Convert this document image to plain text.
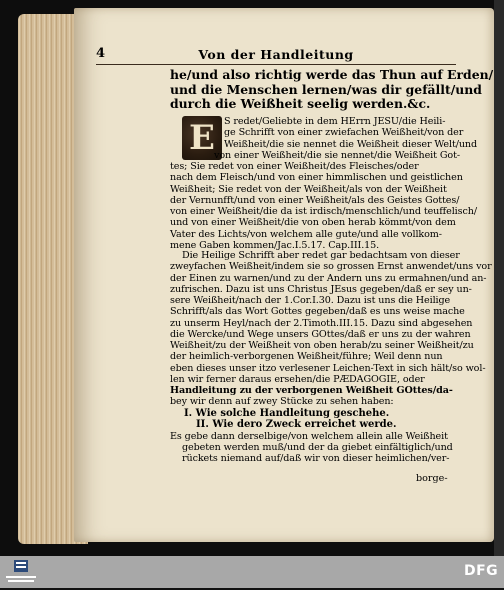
4	Von der Handleitung
he/und also richtig werde das Thun auf Erden/
und die Menschen lernen/was dir gefällt/und
durch die Weißheit seelig werden.&c.
E S redet/Geliebte in dem HErrn JESU/die Heili-
ge Schrifft von einer zwiefachen Weißheit/von der
Weißheit/die sie nennet die Weißheit dieser Welt/und
von einer Weißheit/die sie nennet/die Weißheit Got-
tes; Sie redet von einer Weißheit/des Fleisches/oder
nach dem Fleisch/und von einer himmlischen und geistlichen
Weißheit; Sie redet von der Weißheit/als von der Weißheit
der Vernunfft/und von einer Weißheit/als des Geistes Gottes/
von einer Weißheit/die da ist irdisch/menschlich/und teuffelisch/
und von einer Weißheit/die von oben herab kömmt/von dem
Vater des Lichts/von welchem alle gute/und alle vollkom-
mene Gaben kommen/Jac.I.5.17. Cap.III.15.
Die Heilige Schrifft aber redet gar bedachtsam von dieser
zweyfachen Weißheit/indem sie so grossen Ernst anwendet/uns vor
der Einen zu warnen/und zu der Andern uns zu ermahnen/und an-
zufrischen. Dazu ist uns Christus JEsus gegeben/daß er sey un-
sere Weißheit/nach der 1.Cor.I.30. Dazu ist uns die Heilige
Schrifft/als das Wort Gottes gegeben/daß es uns weise mache
zu unserm Heyl/nach der 2.Timoth.III.15. Dazu sind abgesehen
die Wercke/und Wege unsers GOttes/daß er uns zu der wahren
Weißheit/zu der Weißheit von oben herab/zu seiner Weißheit/zu
der heimlich-verborgenen Weißheit/führe; Weil denn nun
eben dieses unser itzo verlesener Leichen-Text in sich hält/so wol-
len wir ferner daraus ersehen/die PÆDAGOGIE, oder
Handleitung zu der verborgenen Weißheit GOttes/da-
bey wir denn auf zwey Stücke zu sehen haben:
I. Wie solche Handleitung geschehe.
II. Wie dero Zweck erreichet werde.
Es gebe dann derselbige/von welchem allein alle Weißheit
gebeten werden muß/und der da giebet einfältiglich/und
rückets niemand auf/daß wir von dieser heimlichen/ver-
borge-
DFG
